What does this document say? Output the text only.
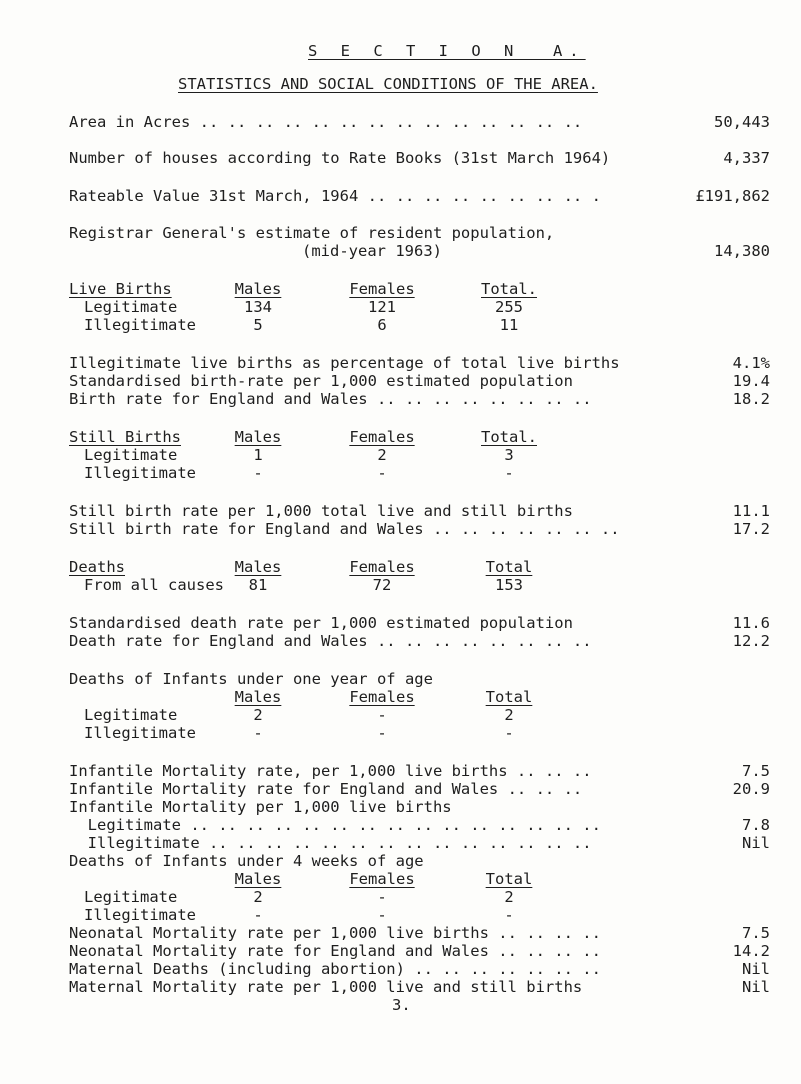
S E C T I O N  A.
STATISTICS AND SOCIAL CONDITIONS OF THE AREA.
Area in Acres .. .. .. .. .. .. .. .. .. .. .. .. .. ..	50,443
Number of houses according to Rate Books (31st March 1964)	4,337
Rateable Value 31st March, 1964 .. .. .. .. .. .. .. .. .	£191,862
Registrar General's estimate of resident population,
(mid-year 1963)	14,380
Live Births	Males	Females	Total.
Legitimate	134	121	255
Illegitimate	5	6	11
Illegitimate live births as percentage of total live births	4.1%
Standardised birth-rate per 1,000 estimated population	19.4
Birth rate for England and Wales .. .. .. .. .. .. .. ..	18.2
Still Births	Males	Females	Total.
Legitimate	1	2	3
Illegitimate	-	-	-
Still birth rate per 1,000 total live and still births	11.1
Still birth rate for England and Wales .. .. .. .. .. .. ..	17.2
Deaths	Males	Females	Total
From all causes	81	72	153
Standardised death rate per 1,000 estimated population	11.6
Death rate for England and Wales .. .. .. .. .. .. .. ..	12.2
Deaths of Infants under one year of age
Males	Females	Total
Legitimate	2	-	2
Illegitimate	-	-	-
Infantile Mortality rate, per 1,000 live births .. .. ..	7.5
Infantile Mortality rate for England and Wales .. .. ..	20.9
Infantile Mortality per 1,000 live births
Legitimate .. .. .. .. .. .. .. .. .. .. .. .. .. .. ..	7.8
Illegitimate .. .. .. .. .. .. .. .. .. .. .. .. .. ..	Nil
Deaths of Infants under 4 weeks of age
Males	Females	Total
Legitimate	2	-	2
Illegitimate	-	-	-
Neonatal Mortality rate per 1,000 live births .. .. .. ..	7.5
Neonatal Mortality rate for England and Wales .. .. .. ..	14.2
Maternal Deaths (including abortion) .. .. .. .. .. .. ..	Nil
Maternal Mortality rate per 1,000 live and still births	Nil
3.
